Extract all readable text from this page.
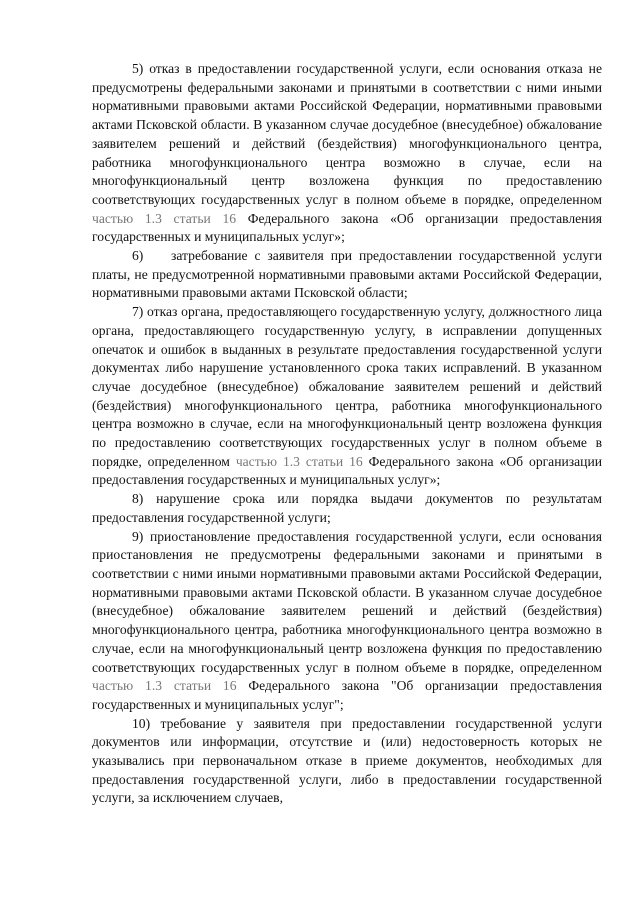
5) отказ в предоставлении государственной услуги, если основания отказа не предусмотрены федеральными законами и принятыми в соответствии с ними иными нормативными правовыми актами Российской Федерации, нормативными правовыми актами Псковской области. В указанном случае досудебное (внесудебное) обжалование заявителем решений и действий (бездействия) многофункционального центра, работника многофункционального центра возможно в случае, если на многофункциональный центр возложена функция по предоставлению соответствующих государственных услуг в полном объеме в порядке, определенном частью 1.3 статьи 16 Федерального закона «Об организации предоставления государственных и муниципальных услуг»;

6)    затребование с заявителя при предоставлении государственной услуги платы, не предусмотренной нормативными правовыми актами Российской Федерации, нормативными правовыми актами Псковской области;

7) отказ органа, предоставляющего государственную услугу, должностного лица органа, предоставляющего государственную услугу, в исправлении допущенных опечаток и ошибок в выданных в результате предоставления государственной услуги документах либо нарушение установленного срока таких исправлений. В указанном случае досудебное (внесудебное) обжалование заявителем решений и действий (бездействия) многофункционального центра, работника многофункционального центра возможно в случае, если на многофункциональный центр возложена функция по предоставлению соответствующих государственных услуг в полном объеме в порядке, определенном частью 1.3 статьи 16 Федерального закона «Об организации предоставления государственных и муниципальных услуг»;

8) нарушение срока или порядка выдачи документов по результатам предоставления государственной услуги;

9) приостановление предоставления государственной услуги, если основания приостановления не предусмотрены федеральными законами и принятыми в соответствии с ними иными нормативными правовыми актами Российской Федерации, нормативными правовыми актами Псковской области. В указанном случае досудебное (внесудебное) обжалование заявителем решений и действий (бездействия) многофункционального центра, работника многофункционального центра возможно в случае, если на многофункциональный центр возложена функция по предоставлению соответствующих государственных услуг в полном объеме в порядке, определенном частью 1.3 статьи 16 Федерального закона "Об организации предоставления государственных и муниципальных услуг";

10) требование у заявителя при предоставлении государственной услуги документов или информации, отсутствие и (или) недостоверность которых не указывались при первоначальном отказе в приеме документов, необходимых для предоставления государственной услуги, либо в предоставлении государственной услуги, за исключением случаев,
